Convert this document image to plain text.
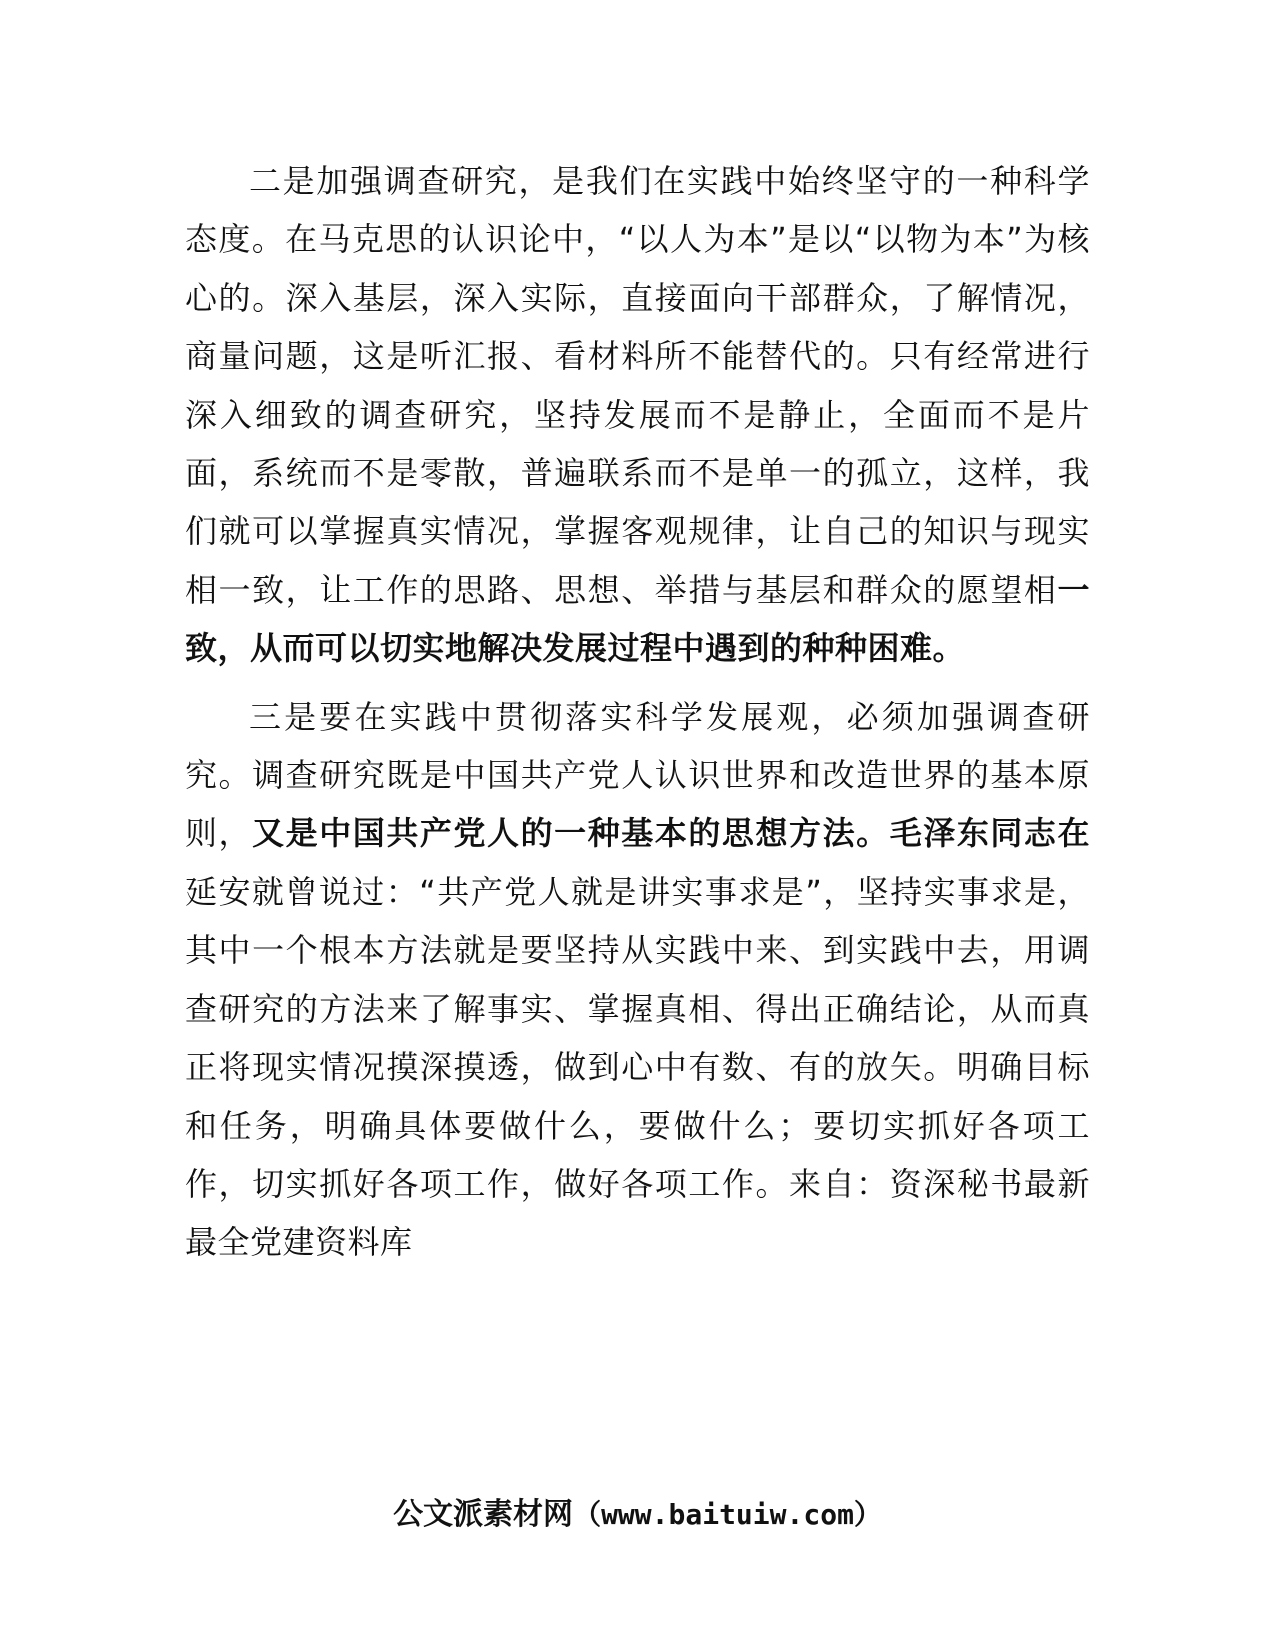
二是加强调查研究，是我们在实践中始终坚守的一种科学态度。在马克思的认识论中，“以人为本”是以“以物为本”为核心的。深入基层，深入实际，直接面向干部群众，了解情况，商量问题，这是听汇报、看材料所不能替代的。只有经常进行深入细致的调查研究，坚持发展而不是静止，全面而不是片面，系统而不是零散，普遍联系而不是单一的孤立，这样，我们就可以掌握真实情况，掌握客观规律，让自己的知识与现实相一致，让工作的思路、思想、举措与基层和群众的愿望相一致，从而可以切实地解决发展过程中遇到的种种困难。

三是要在实践中贯彻落实科学发展观，必须加强调查研究。调查研究既是中国共产党人认识世界和改造世界的基本原则，又是中国共产党人的一种基本的思想方法。毛泽东同志在延安就曾说过：“共产党人就是讲实事求是”，坚持实事求是，其中一个根本方法就是要坚持从实践中来、到实践中去，用调查研究的方法来了解事实、掌握真相、得出正确结论，从而真正将现实情况摸深摸透，做到心中有数、有的放矢。明确目标和任务，明确具体要做什么，要做什么；要切实抓好各项工作，切实抓好各项工作，做好各项工作。来自：资深秘书最新最全党建资料库

公文派素材网（www.baituiw.com）
